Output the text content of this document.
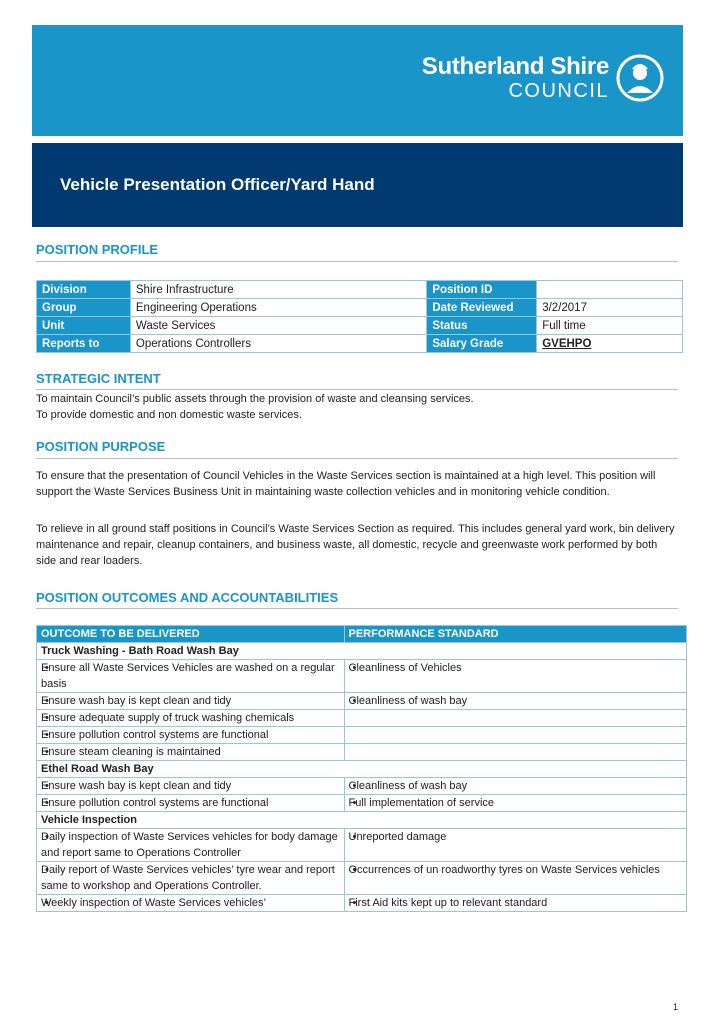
Sutherland Shire
COUNCIL
Vehicle Presentation Officer/Yard Hand
POSITION PROFILE
Division	Shire Infrastructure	Position ID	
Group	Engineering Operations	Date Reviewed	3/2/2017
Unit	Waste Services	Status	Full time
Reports to	Operations Controllers	Salary Grade	GVEHPO
STRATEGIC INTENT
To maintain Council’s public assets through the provision of waste and cleansing services.
To provide domestic and non domestic waste services.
POSITION PURPOSE
To ensure that the presentation of Council Vehicles in the Waste Services section is maintained at a high level. This position will support the Waste Services Business Unit in maintaining waste collection vehicles and in monitoring vehicle condition.
To relieve in all ground staff positions in Council’s Waste Services Section as required. This includes general yard work, bin delivery maintenance and repair, cleanup containers, and business waste, all domestic, recycle and greenwaste work performed by both side and rear loaders.
POSITION OUTCOMES AND ACCOUNTABILITIES
OUTCOME TO BE DELIVERED	PERFORMANCE STANDARD
Truck Washing - Bath Road Wash Bay	
• Ensure all Waste Services Vehicles are washed on a regular basis	• Cleanliness of Vehicles
• Ensure wash bay is kept clean and tidy	• Cleanliness of wash bay
• Ensure adequate supply of truck washing chemicals	
• Ensure pollution control systems are functional	
• Ensure steam cleaning is maintained	
Ethel Road Wash Bay	
• Ensure wash bay is kept clean and tidy	• Cleanliness of wash bay
• Ensure pollution control systems are functional	• Full implementation of service
Vehicle Inspection	
• Daily inspection of Waste Services vehicles for body damage and report same to Operations Controller	• Unreported damage
• Daily report of Waste Services vehicles’ tyre wear and report same to workshop and Operations Controller.	• Occurrences of un roadworthy tyres on Waste Services vehicles
• Weekly inspection of Waste Services vehicles’	• First Aid kits kept up to relevant standard
1
